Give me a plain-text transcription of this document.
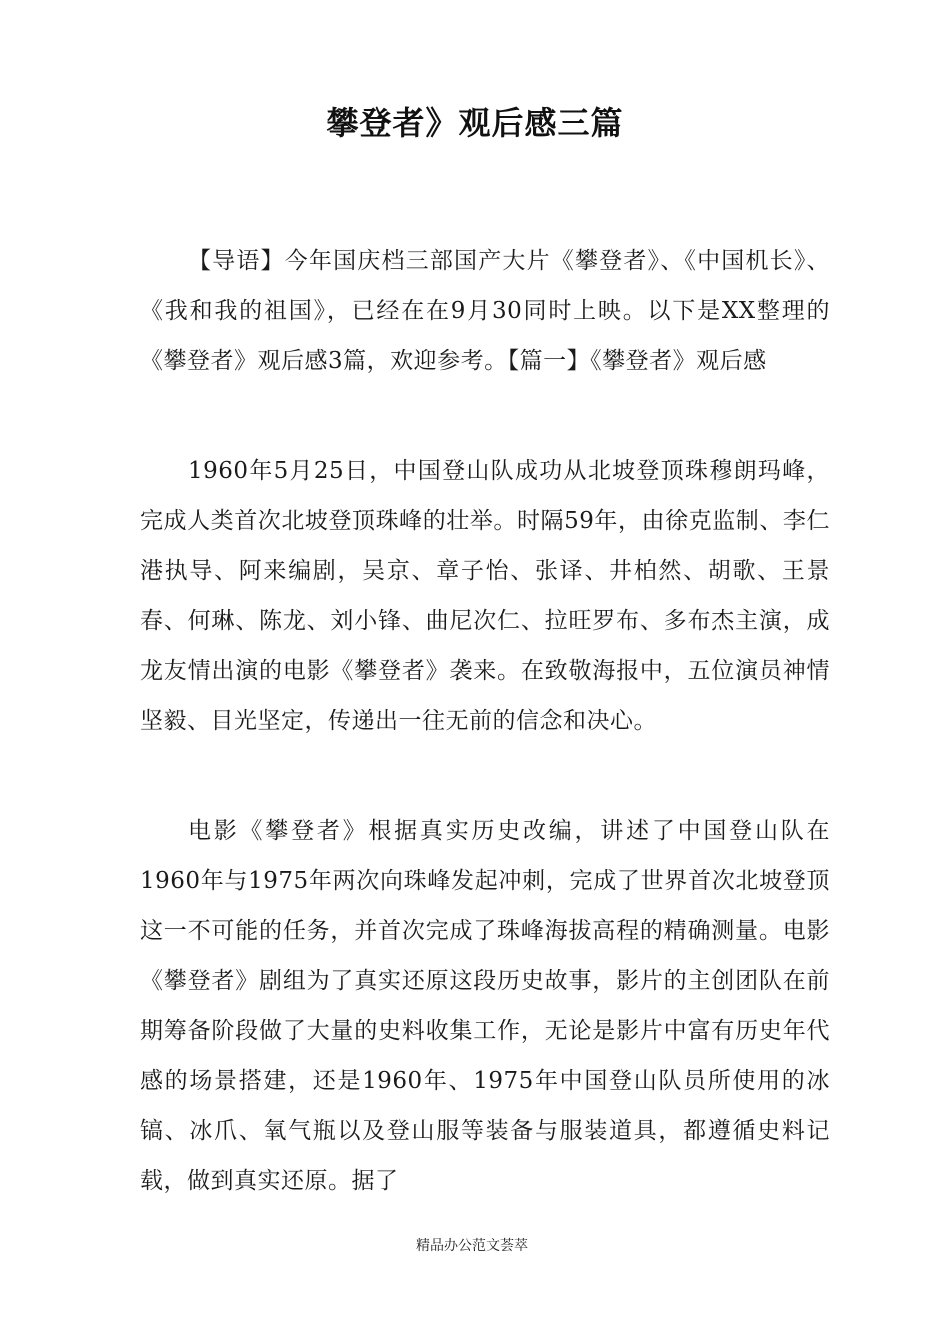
攀登者》观后感三篇
【导语】今年国庆档三部国产大片《攀登者》、《中国机长》、《我和我的祖国》，已经在在9月30同时上映。以下是XX整理的《攀登者》观后感3篇，欢迎参考。【篇一】《攀登者》观后感
1960年5月25日，中国登山队成功从北坡登顶珠穆朗玛峰，完成人类首次北坡登顶珠峰的壮举。时隔59年，由徐克监制、李仁港执导、阿来编剧，吴京、章子怡、张译、井柏然、胡歌、王景春、何琳、陈龙、刘小锋、曲尼次仁、拉旺罗布、多布杰主演，成龙友情出演的电影《攀登者》袭来。在致敬海报中，五位演员神情坚毅、目光坚定，传递出一往无前的信念和决心。
电影《攀登者》根据真实历史改编，讲述了中国登山队在1960年与1975年两次向珠峰发起冲刺，完成了世界首次北坡登顶这一不可能的任务，并首次完成了珠峰海拔高程的精确测量。电影《攀登者》剧组为了真实还原这段历史故事，影片的主创团队在前期筹备阶段做了大量的史料收集工作，无论是影片中富有历史年代感的场景搭建，还是1960年、1975年中国登山队员所使用的冰镐、冰爪、氧气瓶以及登山服等装备与服装道具，都遵循史料记载，做到真实还原。据了
精品办公范文荟萃
